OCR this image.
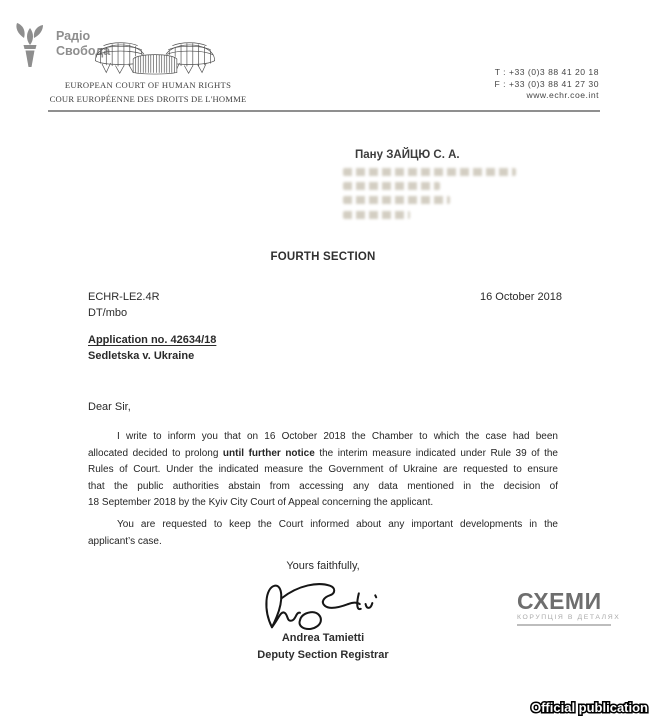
Радіо
Свобода
EUROPEAN COURT OF HUMAN RIGHTS
COUR EUROPÉENNE DES DROITS DE L'HOMME
T : +33 (0)3 88 41 20 18
F : +33 (0)3 88 41 27 30
www.echr.coe.int
Пану ЗАЙЦЮ С. А.
FOURTH SECTION
ECHR-LE2.4R
DT/mbo
16 October 2018
Application no. 42634/18
Sedletska v. Ukraine
Dear Sir,
I write to inform you that on 16 October 2018 the Chamber to which the case had been
allocated decided to prolong until further notice the interim measure indicated under Rule 39 of the
Rules of Court. Under the indicated measure the Government of Ukraine are requested to ensure
that the public authorities abstain from accessing any data mentioned in the decision of
18 September 2018 by the Kyiv City Court of Appeal concerning the applicant.
You are requested to keep the Court informed about any important developments in the
applicant’s case.
Yours faithfully,
Andrea Tamietti
Deputy Section Registrar
СХЕМИ
КОРУПЦІЯ В ДЕТАЛЯХ
Official publication
